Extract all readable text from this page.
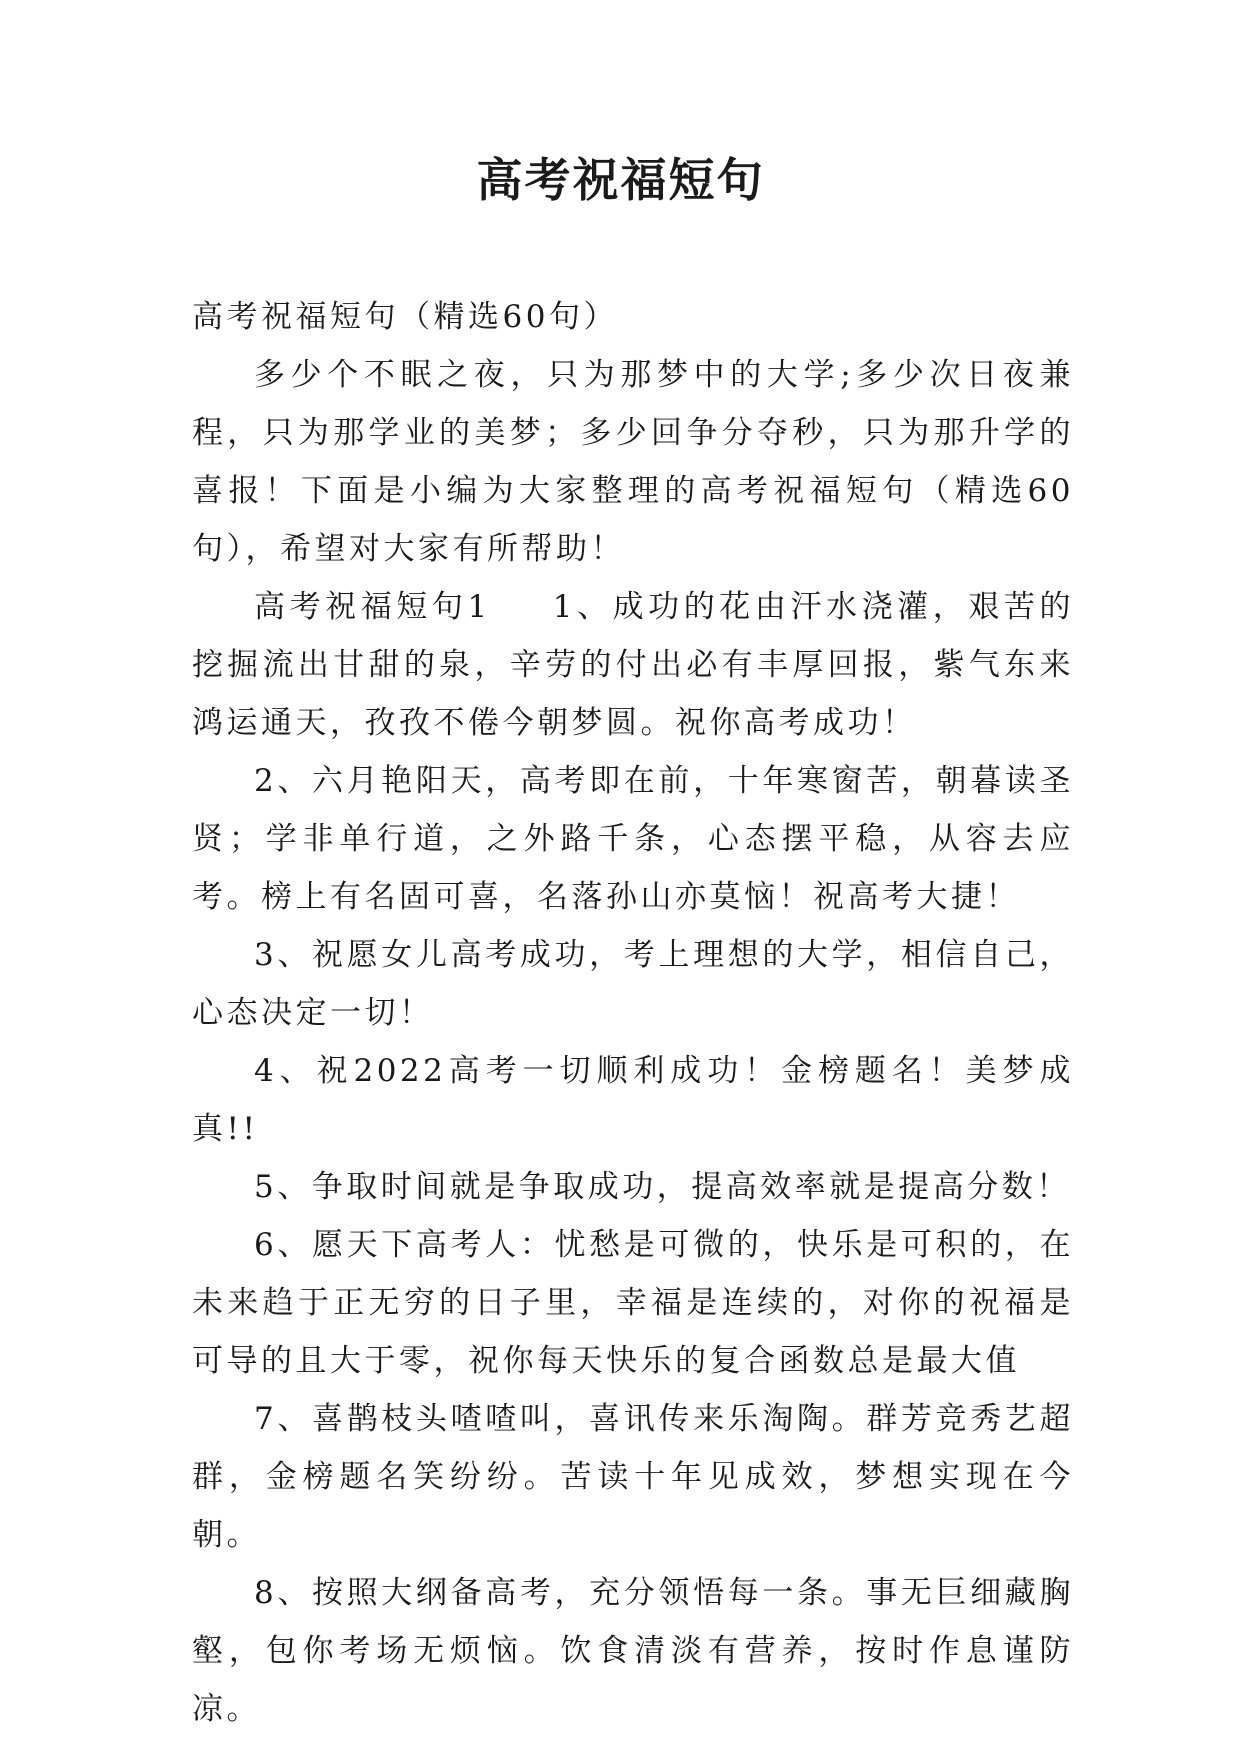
高考祝福短句

高考祝福短句（精选60句）

多少个不眠之夜，只为那梦中的大学;多少次日夜兼程，只为那学业的美梦；多少回争分夺秒，只为那升学的喜报！下面是小编为大家整理的高考祝福短句（精选60句），希望对大家有所帮助！

高考祝福短句1 1、成功的花由汗水浇灌，艰苦的挖掘流出甘甜的泉，辛劳的付出必有丰厚回报，紫气东来鸿运通天，孜孜不倦今朝梦圆。祝你高考成功！

2、六月艳阳天，高考即在前，十年寒窗苦，朝暮读圣贤；学非单行道，之外路千条，心态摆平稳，从容去应考。榜上有名固可喜，名落孙山亦莫恼！祝高考大捷！

3、祝愿女儿高考成功，考上理想的大学，相信自己，心态决定一切！

4、祝2022高考一切顺利成功！金榜题名！美梦成真!!

5、争取时间就是争取成功，提高效率就是提高分数！

6、愿天下高考人：忧愁是可微的，快乐是可积的，在未来趋于正无穷的日子里，幸福是连续的，对你的祝福是可导的且大于零，祝你每天快乐的复合函数总是最大值

7、喜鹊枝头喳喳叫，喜讯传来乐淘陶。群芳竞秀艺超群，金榜题名笑纷纷。苦读十年见成效，梦想实现在今朝。

8、按照大纲备高考，充分领悟每一条。事无巨细藏胸壑，包你考场无烦恼。饮食清淡有营养，按时作息谨防凉。
